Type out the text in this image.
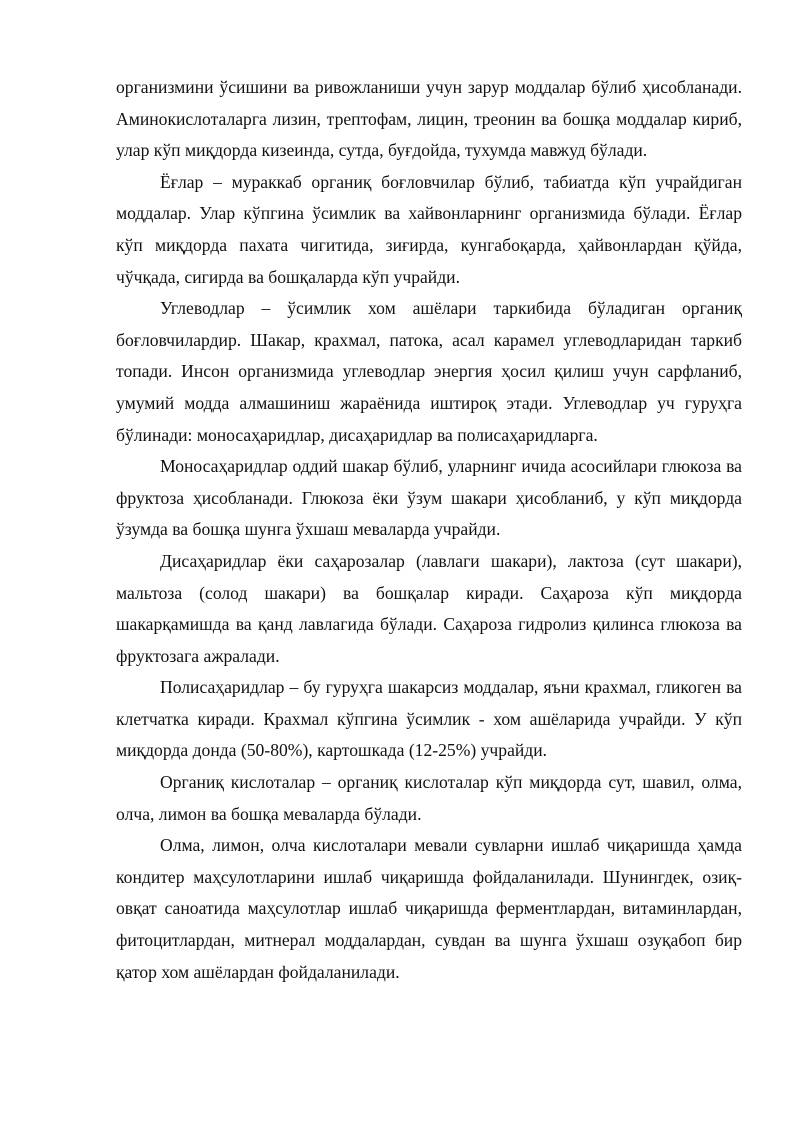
организмини ўсишини ва ривожланиши учун зарур моддалар бўлиб ҳисобланади. Аминокислоталарга лизин, трептофам, лицин, треонин ва бошқа моддалар кириб, улар кўп миқдорда кизеинда, сутда, буғдойда, тухумда мавжуд бўлади.

Ёғлар – мураккаб органиқ боғловчилар бўлиб, табиатда кўп учрайдиган моддалар. Улар кўпгина ўсимлик ва хайвонларнинг организмида бўлади. Ёғлар кўп миқдорда пахата чигитида, зиғирда, кунгабоқарда, ҳайвонлардан қўйда, чўчқада, сигирда ва бошқаларда кўп учрайди.

Углеводлар – ўсимлик хом ашёлари таркибида бўладиган органиқ боғловчилардир. Шакар, крахмал, патока, асал карамел углеводларидан таркиб топади. Инсон организмида углеводлар энергия ҳосил қилиш учун сарфланиб, умумий модда алмашиниш жараёнида иштироқ этади. Углеводлар уч гуруҳга бўлинади: моносаҳаридлар, дисаҳаридлар ва полисаҳаридларга.

Моносаҳаридлар оддий шакар бўлиб, уларнинг ичида асосийлари глюкоза ва фруктоза ҳисобланади. Глюкоза ёки ўзум шакари ҳисобланиб, у кўп миқдорда ўзумда ва бошқа шунга ўхшаш меваларда учрайди.

Дисаҳаридлар ёки саҳарозалар (лавлаги шакари), лактоза (сут шакари), мальтоза (солод шакари) ва бошқалар киради. Саҳароза кўп миқдорда шакарқамишда ва қанд лавлагида бўлади. Саҳароза гидролиз қилинса глюкоза ва фруктозага ажралади.

Полисаҳаридлар – бу гуруҳга шакарсиз моддалар, яъни крахмал, гликоген ва клетчатка киради. Крахмал кўпгина ўсимлик - хом ашёларида учрайди. У кўп миқдорда донда (50-80%), картошкада (12-25%) учрайди.

Органиқ кислоталар – органиқ кислоталар кўп миқдорда сут, шавил, олма, олча, лимон ва бошқа меваларда бўлади.

Олма, лимон, олча кислоталари мевали сувларни ишлаб чиқаришда ҳамда кондитер маҳсулотларини ишлаб чиқаришда фойдаланилади. Шунингдек, озиқ-овқат саноатида маҳсулотлар ишлаб чиқаришда ферментлардан, витаминлардан, фитоцитлардан, митнерал моддалардан, сувдан ва шунга ўхшаш озуқабоп бир қатор хом ашёлардан фойдаланилади.
